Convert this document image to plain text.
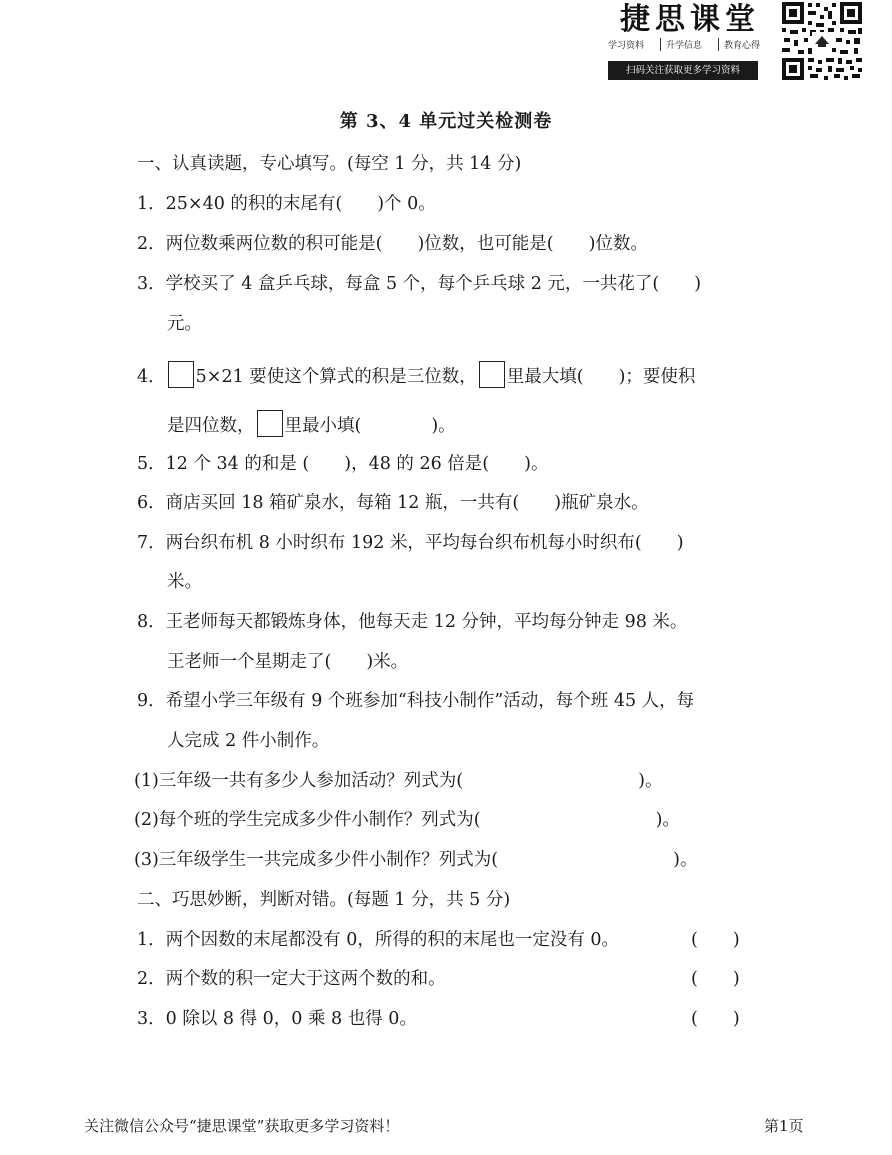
捷思课堂
学习资料	升学信息	教育心得
扫码关注获取更多学习资料
第 3、4 单元过关检测卷
一、认真读题，专心填写。(每空 1 分，共 14 分)
1．25×40 的积的末尾有(　　)个 0。
2．两位数乘两位数的积可能是(　　)位数，也可能是(　　)位数。
3．学校买了 4 盒乒乓球，每盒 5 个，每个乒乓球 2 元，一共花了(　　)
元。
4． 5×21 要使这个算式的积是三位数， 里最大填(　　)；要使积
是四位数， 里最小填(　　　　)。
5．12 个 34 的和是 (　　)，48 的 26 倍是(　　)。
6．商店买回 18 箱矿泉水，每箱 12 瓶，一共有(　　)瓶矿泉水。
7．两台织布机 8 小时织布 192 米，平均每台织布机每小时织布(　　)
米。
8．王老师每天都锻炼身体，他每天走 12 分钟，平均每分钟走 98 米。
王老师一个星期走了(　　)米。
9．希望小学三年级有 9 个班参加“科技小制作”活动，每个班 45 人，每
人完成 2 件小制作。
(1)三年级一共有多少人参加活动？列式为(　　　　　　　　　　)。
(2)每个班的学生完成多少件小制作？列式为(　　　　　　　　　　)。
(3)三年级学生一共完成多少件小制作？列式为(　　　　　　　　　　)。
二、巧思妙断，判断对错。(每题 1 分，共 5 分)
1．两个因数的末尾都没有 0，所得的积的末尾也一定没有 0。	(　　)
2．两个数的积一定大于这两个数的和。	(　　)
3．0 除以 8 得 0，0 乘 8 也得 0。	(　　)
关注微信公众号“捷思课堂”获取更多学习资料！	第1页
